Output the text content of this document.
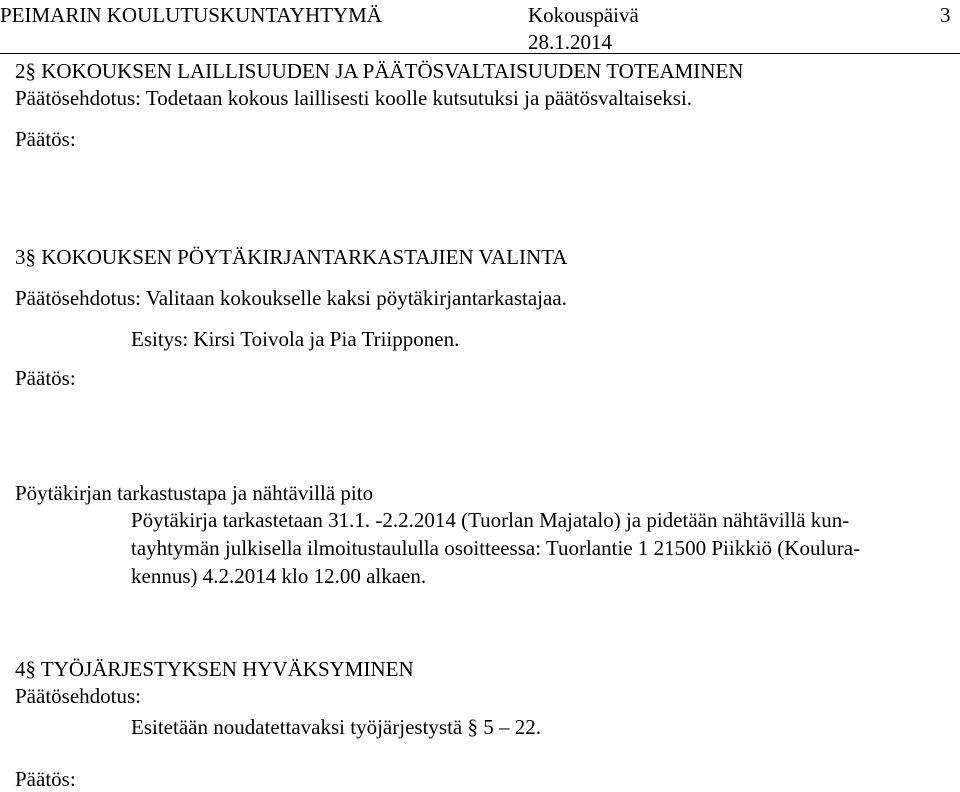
PEIMARIN KOULUTUSKUNTAYHTYMÄ	Kokouspäivä	3
28.1.2014
2§ KOKOUKSEN LAILLISUUDEN JA PÄÄTÖSVALTAISUUDEN TOTEAMINEN
Päätösehdotus: Todetaan kokous laillisesti koolle kutsutuksi ja päätösvaltaiseksi.
Päätös:
3§ KOKOUKSEN PÖYTÄKIRJANTARKASTAJIEN VALINTA
Päätösehdotus: Valitaan kokoukselle kaksi pöytäkirjantarkastajaa.
Esitys: Kirsi Toivola ja Pia Triipponen.
Päätös:
Pöytäkirjan tarkastustapa ja nähtävillä pito
Pöytäkirja tarkastetaan 31.1. -2.2.2014 (Tuorlan Majatalo) ja pidetään nähtävillä kun-
tayhtymän julkisella ilmoitustaululla osoitteessa: Tuorlantie 1 21500 Piikkiö (Koulura-
kennus) 4.2.2014 klo 12.00 alkaen.
4§ TYÖJÄRJESTYKSEN HYVÄKSYMINEN
Päätösehdotus:
Esitetään noudatettavaksi työjärjestystä § 5 – 22.
Päätös:
